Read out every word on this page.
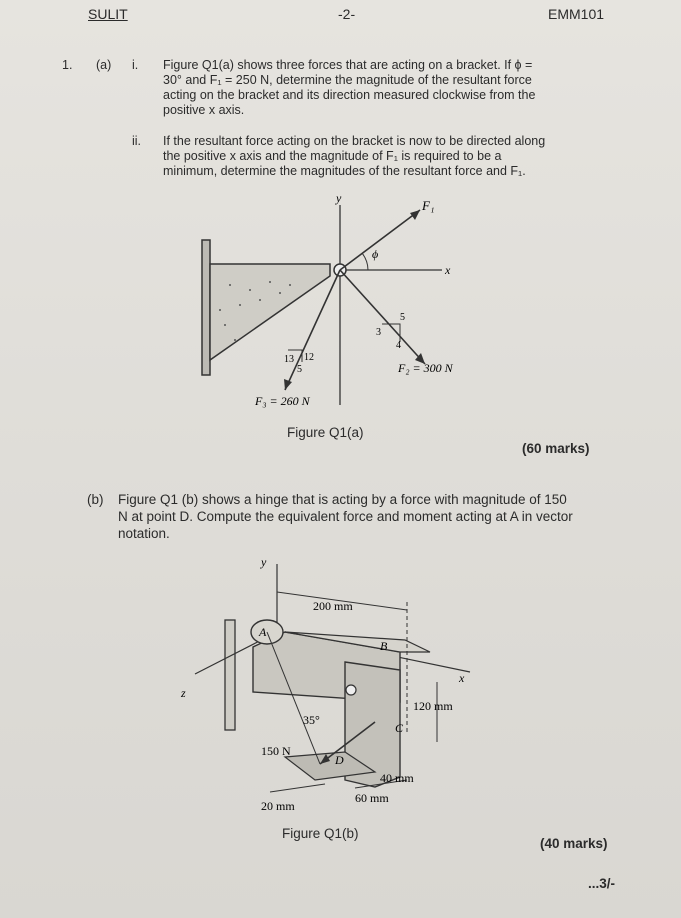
SULIT	-2-	EMM101
1. (a) i. Figure Q1(a) shows three forces that are acting on a bracket. If ϕ =
30° and F₁ = 250 N, determine the magnitude of the resultant force
acting on the bracket and its direction measured clockwise from the
positive x axis.
ii. If the resultant force acting on the bracket is now to be directed along
the positive x axis and the magnitude of F₁ is required to be a
minimum, determine the magnitudes of the resultant force and F₁.
y
x
F₁
ϕ
F₂ = 300 N
F₃ = 260 N
5
3
4
13 12
5
Figure Q1(a)
(60 marks)
(b) Figure Q1 (b) shows a hinge that is acting by a force with magnitude of 150
N at point D. Compute the equivalent force and moment acting at A in vector
notation.
y
z
x
200 mm
A
B
C
D
120 mm
35°
150 N
40 mm
60 mm
20 mm
Figure Q1(b)
(40 marks)
...3/-
